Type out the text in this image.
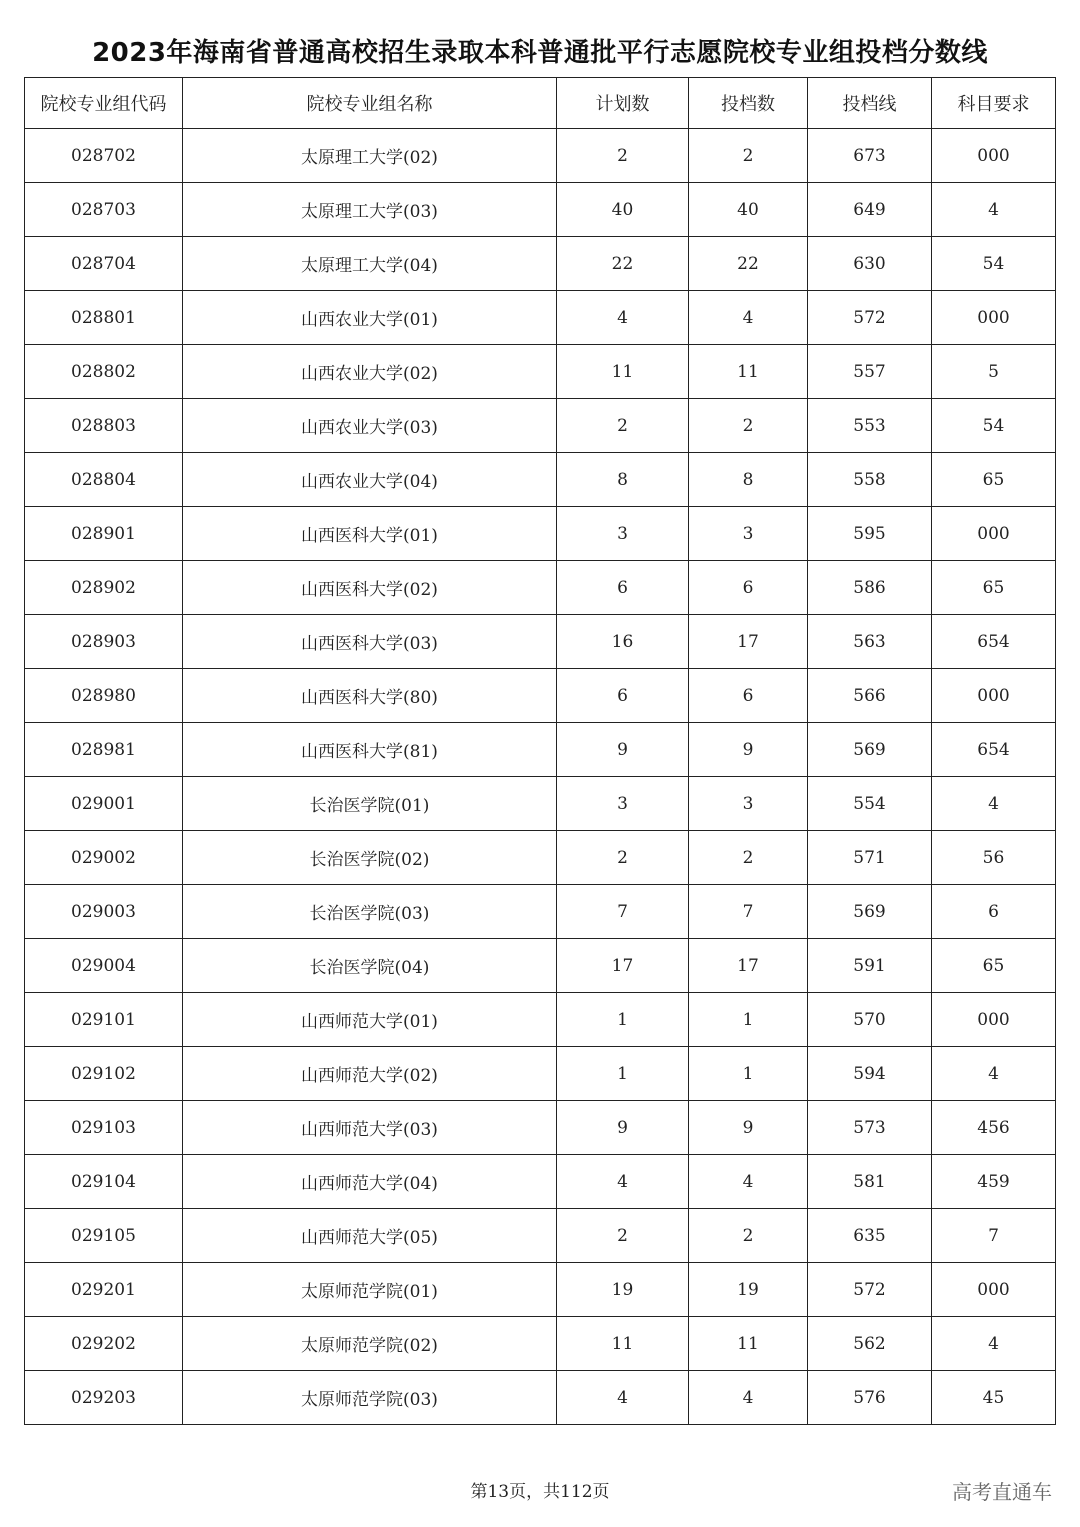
2023年海南省普通高校招生录取本科普通批平行志愿院校专业组投档分数线
院校专业组代码	院校专业组名称	计划数	投档数	投档线	科目要求
028702	太原理工大学(02)	2	2	673	000
028703	太原理工大学(03)	40	40	649	4
028704	太原理工大学(04)	22	22	630	54
028801	山西农业大学(01)	4	4	572	000
028802	山西农业大学(02)	11	11	557	5
028803	山西农业大学(03)	2	2	553	54
028804	山西农业大学(04)	8	8	558	65
028901	山西医科大学(01)	3	3	595	000
028902	山西医科大学(02)	6	6	586	65
028903	山西医科大学(03)	16	17	563	654
028980	山西医科大学(80)	6	6	566	000
028981	山西医科大学(81)	9	9	569	654
029001	长治医学院(01)	3	3	554	4
029002	长治医学院(02)	2	2	571	56
029003	长治医学院(03)	7	7	569	6
029004	长治医学院(04)	17	17	591	65
029101	山西师范大学(01)	1	1	570	000
029102	山西师范大学(02)	1	1	594	4
029103	山西师范大学(03)	9	9	573	456
029104	山西师范大学(04)	4	4	581	459
029105	山西师范大学(05)	2	2	635	7
029201	太原师范学院(01)	19	19	572	000
029202	太原师范学院(02)	11	11	562	4
029203	太原师范学院(03)	4	4	576	45
第13页，共112页	高考直通车
